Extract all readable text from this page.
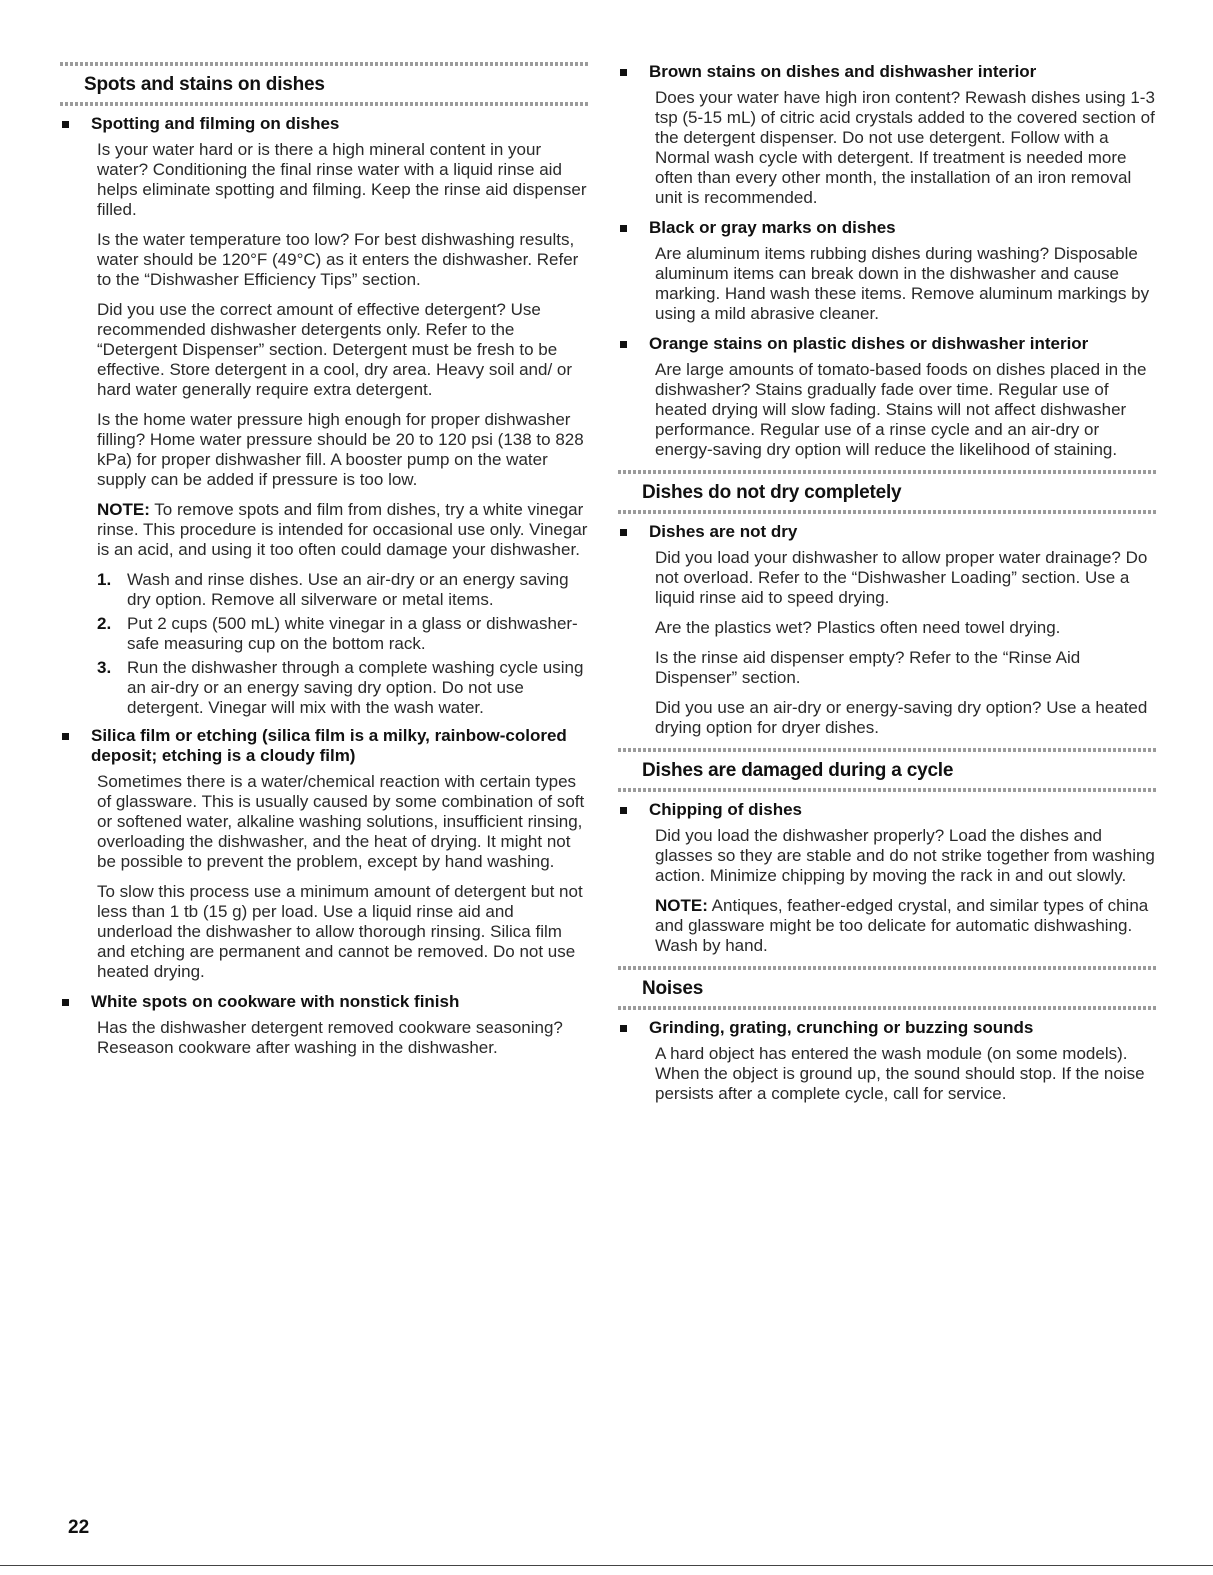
Spots and stains on dishes
Spotting and filming on dishes

Is your water hard or is there a high mineral content in your water? Conditioning the final rinse water with a liquid rinse aid helps eliminate spotting and filming. Keep the rinse aid dispenser filled.

Is the water temperature too low? For best dishwashing results, water should be 120°F (49°C) as it enters the dishwasher. Refer to the “Dishwasher Efficiency Tips” section.

Did you use the correct amount of effective detergent? Use recommended dishwasher detergents only. Refer to the “Detergent Dispenser” section. Detergent must be fresh to be effective. Store detergent in a cool, dry area. Heavy soil and/ or hard water generally require extra detergent.

Is the home water pressure high enough for proper dishwasher filling? Home water pressure should be 20 to 120 psi (138 to 828 kPa) for proper dishwasher fill. A booster pump on the water supply can be added if pressure is too low.

NOTE: To remove spots and film from dishes, try a white vinegar rinse. This procedure is intended for occasional use only. Vinegar is an acid, and using it too often could damage your dishwasher.

1. Wash and rinse dishes. Use an air-dry or an energy saving dry option. Remove all silverware or metal items.
2. Put 2 cups (500 mL) white vinegar in a glass or dishwasher-safe measuring cup on the bottom rack.
3. Run the dishwasher through a complete washing cycle using an air-dry or an energy saving dry option. Do not use detergent. Vinegar will mix with the wash water.
Silica film or etching (silica film is a milky, rainbow-colored deposit; etching is a cloudy film)

Sometimes there is a water/chemical reaction with certain types of glassware. This is usually caused by some combination of soft or softened water, alkaline washing solutions, insufficient rinsing, overloading the dishwasher, and the heat of drying. It might not be possible to prevent the problem, except by hand washing.

To slow this process use a minimum amount of detergent but not less than 1 tb (15 g) per load. Use a liquid rinse aid and underload the dishwasher to allow thorough rinsing. Silica film and etching are permanent and cannot be removed. Do not use heated drying.

White spots on cookware with nonstick finish

Has the dishwasher detergent removed cookware seasoning? Reseason cookware after washing in the dishwasher.

Brown stains on dishes and dishwasher interior

Does your water have high iron content? Rewash dishes using 1-3 tsp (5-15 mL) of citric acid crystals added to the covered section of the detergent dispenser. Do not use detergent. Follow with a Normal wash cycle with detergent. If treatment is needed more often than every other month, the installation of an iron removal unit is recommended.

Black or gray marks on dishes

Are aluminum items rubbing dishes during washing? Disposable aluminum items can break down in the dishwasher and cause marking. Hand wash these items. Remove aluminum markings by using a mild abrasive cleaner.

Orange stains on plastic dishes or dishwasher interior

Are large amounts of tomato-based foods on dishes placed in the dishwasher? Stains gradually fade over time. Regular use of heated drying will slow fading. Stains will not affect dishwasher performance. Regular use of a rinse cycle and an air-dry or energy-saving dry option will reduce the likelihood of staining.

Dishes do not dry completely
Dishes are not dry

Did you load your dishwasher to allow proper water drainage? Do not overload. Refer to the “Dishwasher Loading” section. Use a liquid rinse aid to speed drying.

Are the plastics wet? Plastics often need towel drying.

Is the rinse aid dispenser empty? Refer to the “Rinse Aid Dispenser” section.

Did you use an air-dry or energy-saving dry option? Use a heated drying option for dryer dishes.

Dishes are damaged during a cycle
Chipping of dishes

Did you load the dishwasher properly? Load the dishes and glasses so they are stable and do not strike together from washing action. Minimize chipping by moving the rack in and out slowly.

NOTE: Antiques, feather-edged crystal, and similar types of china and glassware might be too delicate for automatic dishwashing. Wash by hand.

Noises
Grinding, grating, crunching or buzzing sounds

A hard object has entered the wash module (on some models). When the object is ground up, the sound should stop. If the noise persists after a complete cycle, call for service.

22
